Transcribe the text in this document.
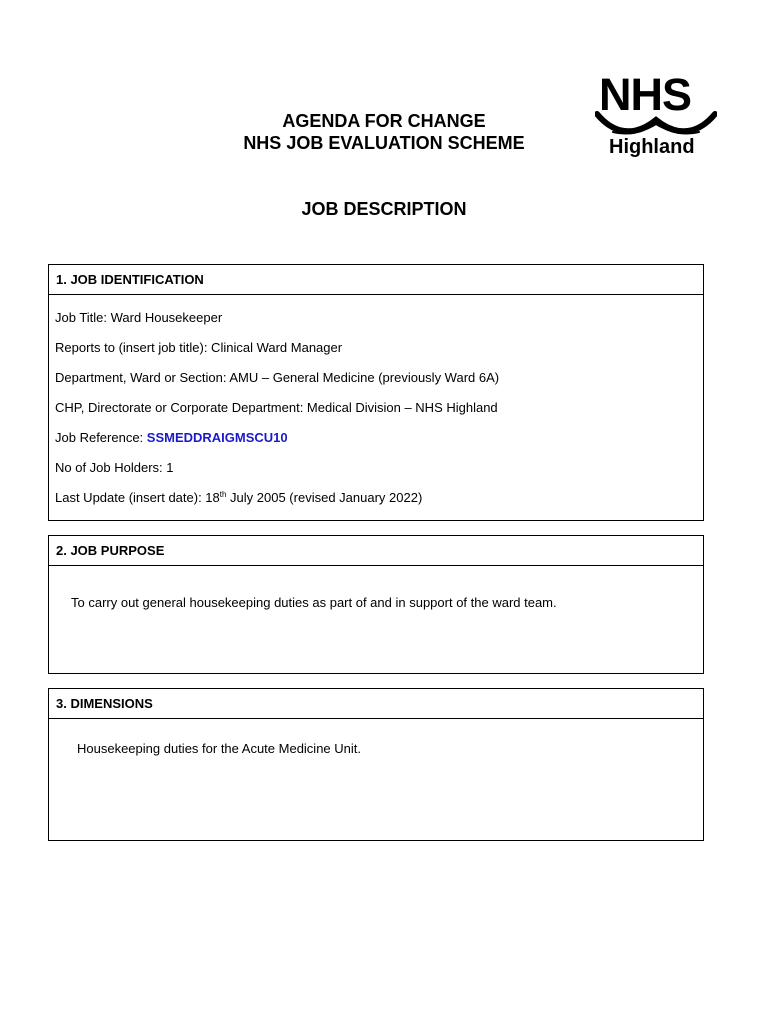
NHS
Highland
AGENDA FOR CHANGE
NHS JOB EVALUATION SCHEME
JOB DESCRIPTION
1. JOB IDENTIFICATION
Job Title: Ward Housekeeper
Reports to (insert job title): Clinical Ward Manager
Department, Ward or Section: AMU – General Medicine (previously Ward 6A)
CHP, Directorate or Corporate Department: Medical Division – NHS Highland
Job Reference: SSMEDDRAIGMSCU10
No of Job Holders: 1
Last Update (insert date): 18th July 2005 (revised January 2022)
2. JOB PURPOSE
To carry out general housekeeping duties as part of and in support of the ward team.
3. DIMENSIONS
Housekeeping duties for the Acute Medicine Unit.
